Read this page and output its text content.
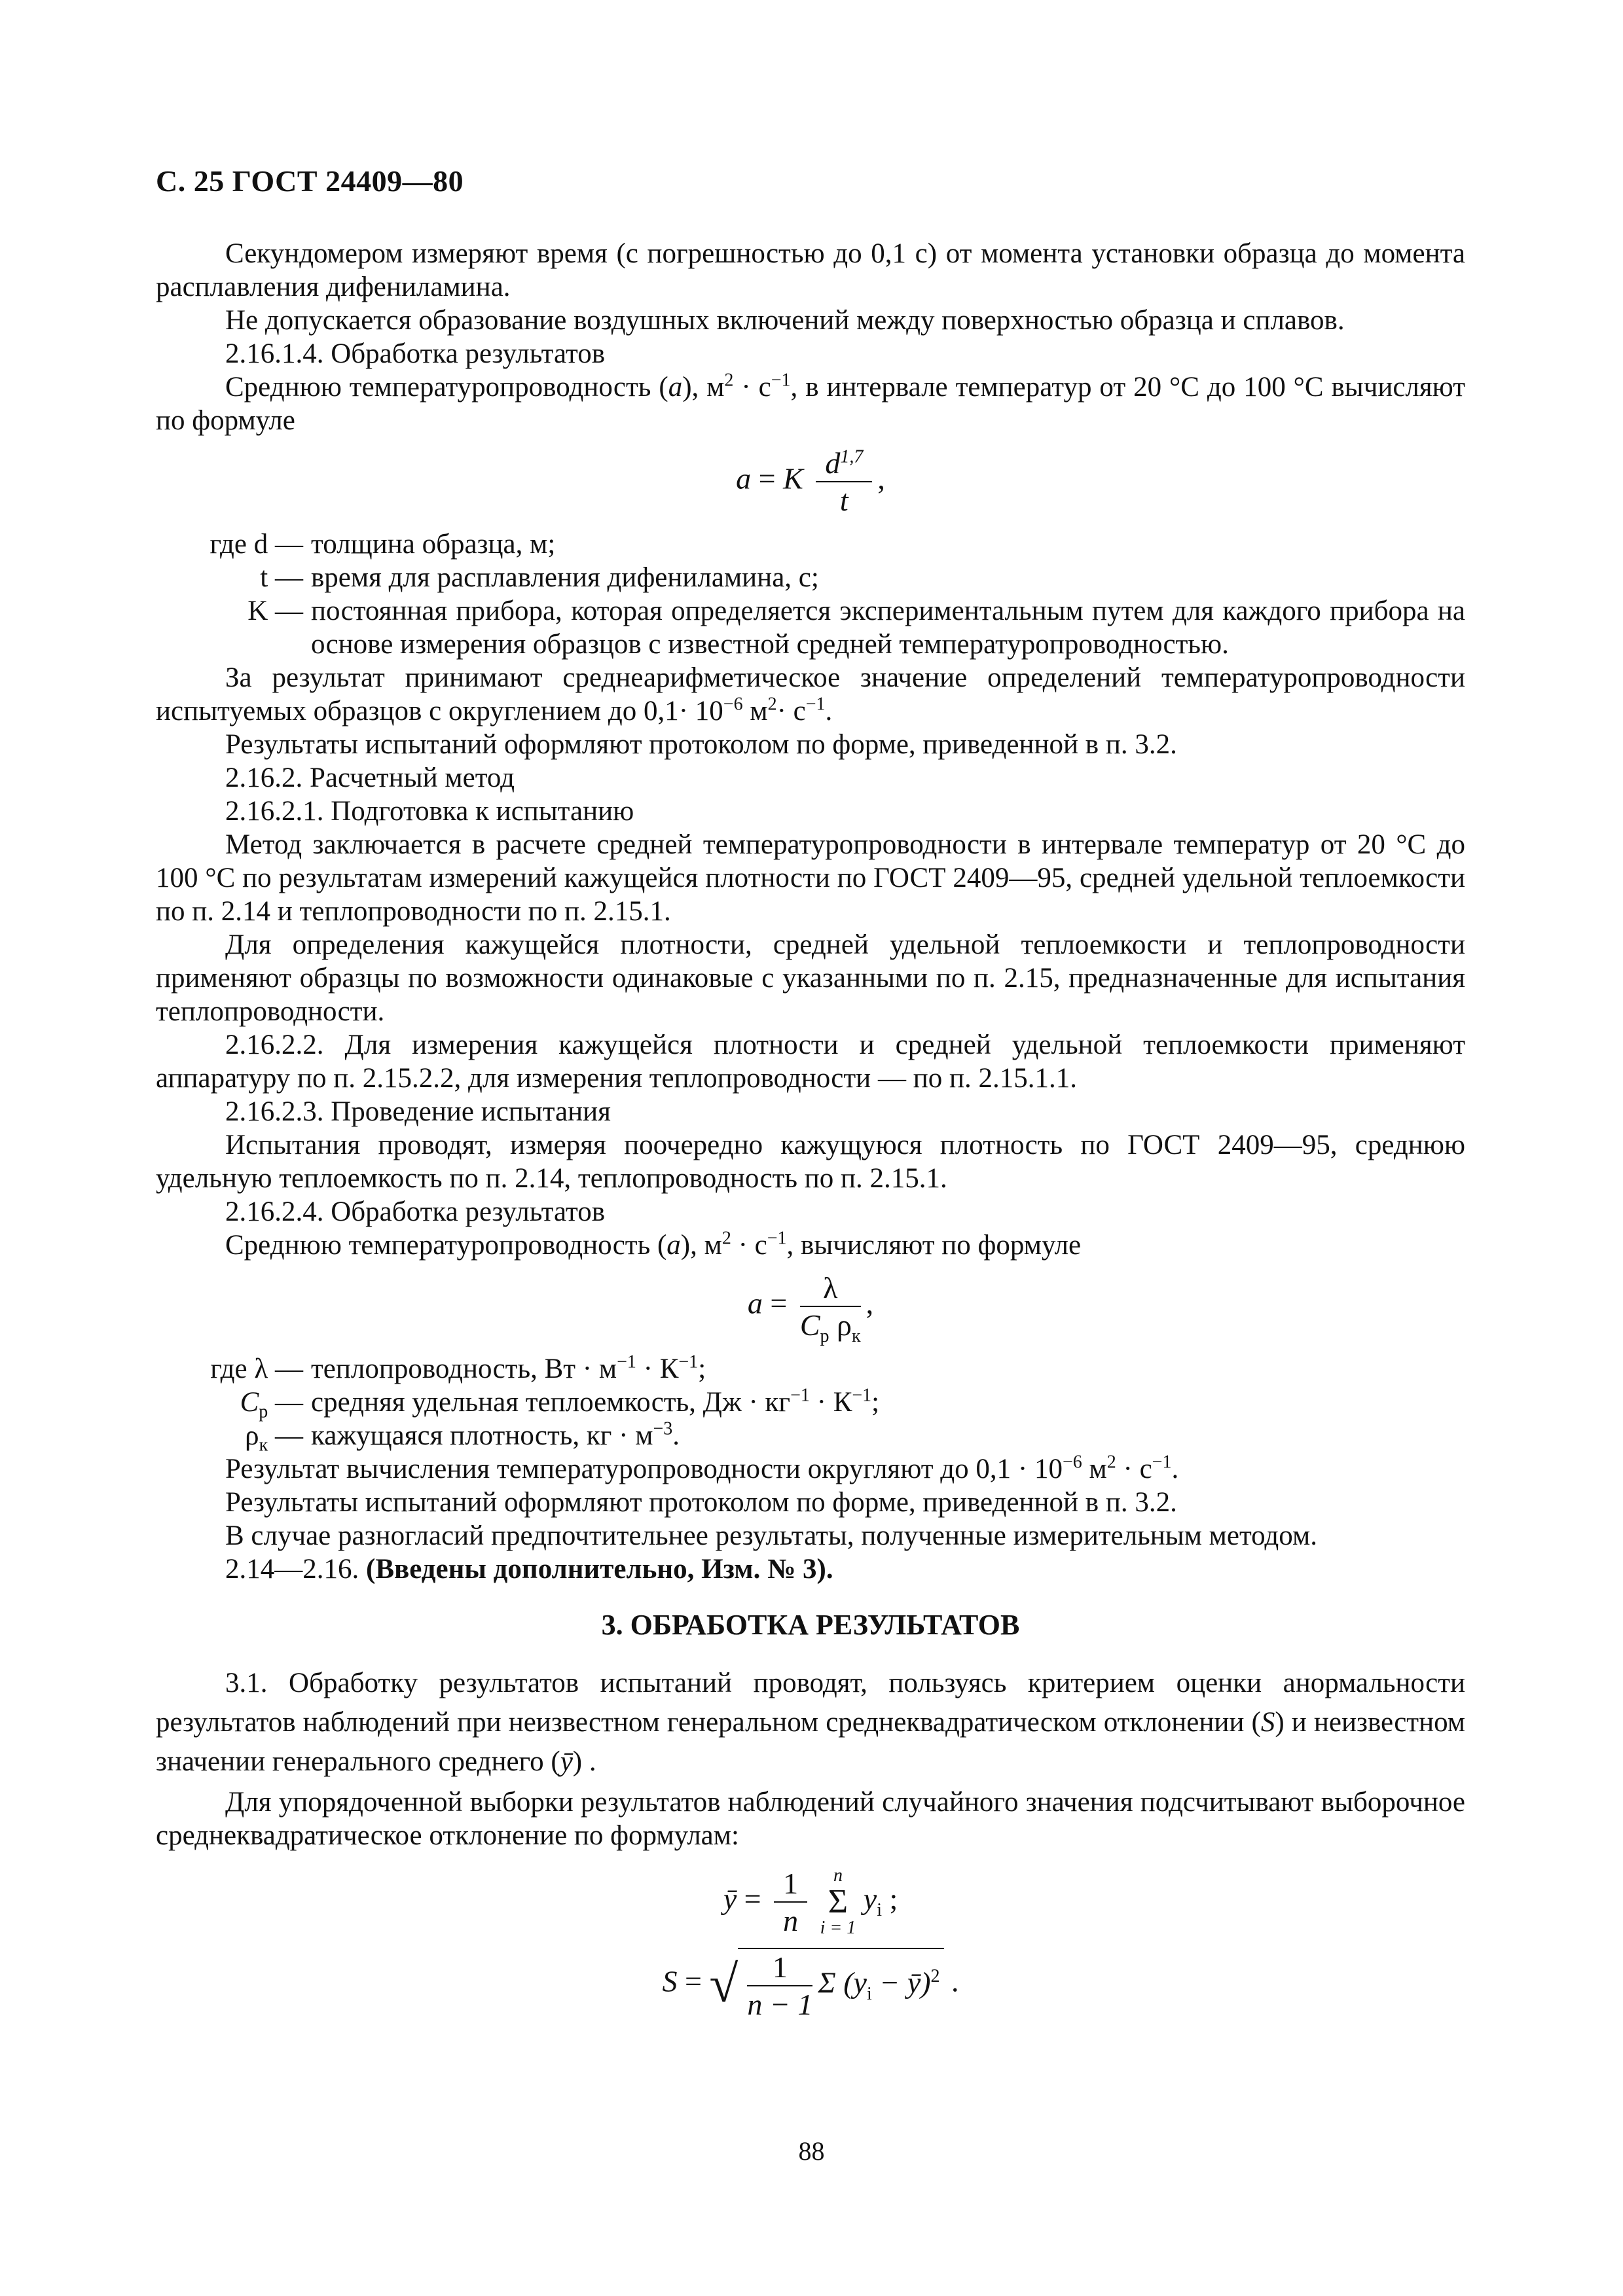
С. 25 ГОСТ 24409—80

Секундомером измеряют время (с погрешностью до 0,1 с) от момента установки образца до момента расплавления дифениламина.

Не допускается образование воздушных включений между поверхностью образца и сплавов.

2.16.1.4. Обработка результатов

Среднюю температуропроводность (a), $м^2 \cdot с^{-1}$, в интервале температур от 20 °С до 100 °С вычисляют по формуле

a = K $\frac{d^{1,7}}{t}$ ,
где d — толщина образца, м;
t — время для расплавления дифениламина, с;
K — постоянная прибора, которая определяется экспериментальным путем для каждого прибора на основе измерения образцов с известной средней температуропроводностью.

За результат принимают среднеарифметическое значение определений температуропроводности испытуемых образцов с округлением до $0,1\cdot 10^{-6}$ $м^2\cdot с^{-1}$.

Результаты испытаний оформляют протоколом по форме, приведенной в п. 3.2.

2.16.2. Расчетный метод

2.16.2.1. Подготовка к испытанию

Метод заключается в расчете средней температуропроводности в интервале температур от 20 °С до 100 °С по результатам измерений кажущейся плотности по ГОСТ 2409—95, средней удельной теплоемкости по п. 2.14 и теплопроводности по п. 2.15.1.

Для определения кажущейся плотности, средней удельной теплоемкости и теплопроводности применяют образцы по возможности одинаковые с указанными по п. 2.15, предназначенные для испытания теплопроводности.

2.16.2.2. Для измерения кажущейся плотности и средней удельной теплоемкости применяют аппаратуру по п. 2.15.2.2, для измерения теплопроводности — по п. 2.15.1.1.

2.16.2.3. Проведение испытания

Испытания проводят, измеряя поочередно кажущуюся плотность по ГОСТ 2409—95, среднюю удельную теплоемкость по п. 2.14, теплопроводность по п. 2.15.1.

2.16.2.4. Обработка результатов

Среднюю температуропроводность (a), $м^2 \cdot с^{-1}$, вычисляют по формуле

$a = \frac{\lambda}{C_р \rho_к}$ ,
где λ — теплопроводность, Вт · $м^{-1} \cdot К^{-1}$;
$C_р$ — средняя удельная теплоемкость, Дж · $кг^{-1} \cdot К^{-1}$;
$\rho_к$ — кажущаяся плотность, кг · $м^{-3}$.

Результат вычисления температуропроводности округляют до $0,1 \cdot 10^{-6}$ $м^2 \cdot с^{-1}$.

Результаты испытаний оформляют протоколом по форме, приведенной в п. 3.2.

В случае разногласий предпочтительнее результаты, полученные измерительным методом.

2.14—2.16. (Введены дополнительно, Изм. № 3).

3. ОБРАБОТКА РЕЗУЛЬТАТОВ

3.1. Обработку результатов испытаний проводят, пользуясь критерием оценки анормальности результатов наблюдений при неизвестном генеральном среднеквадратическом отклонении (S) и неизвестном значении генерального среднего (ȳ) .

Для упорядоченной выборки результатов наблюдений случайного значения подсчитывают выборочное среднеквадратическое отклонение по формулам:

ȳ = $\frac{1}{n}$
	n
Σ
i = 1
$y_i$ ;
S = √ $\frac{1}{n - 1}$ Σ ($y_i$ − ȳ)$^2$ .
88
